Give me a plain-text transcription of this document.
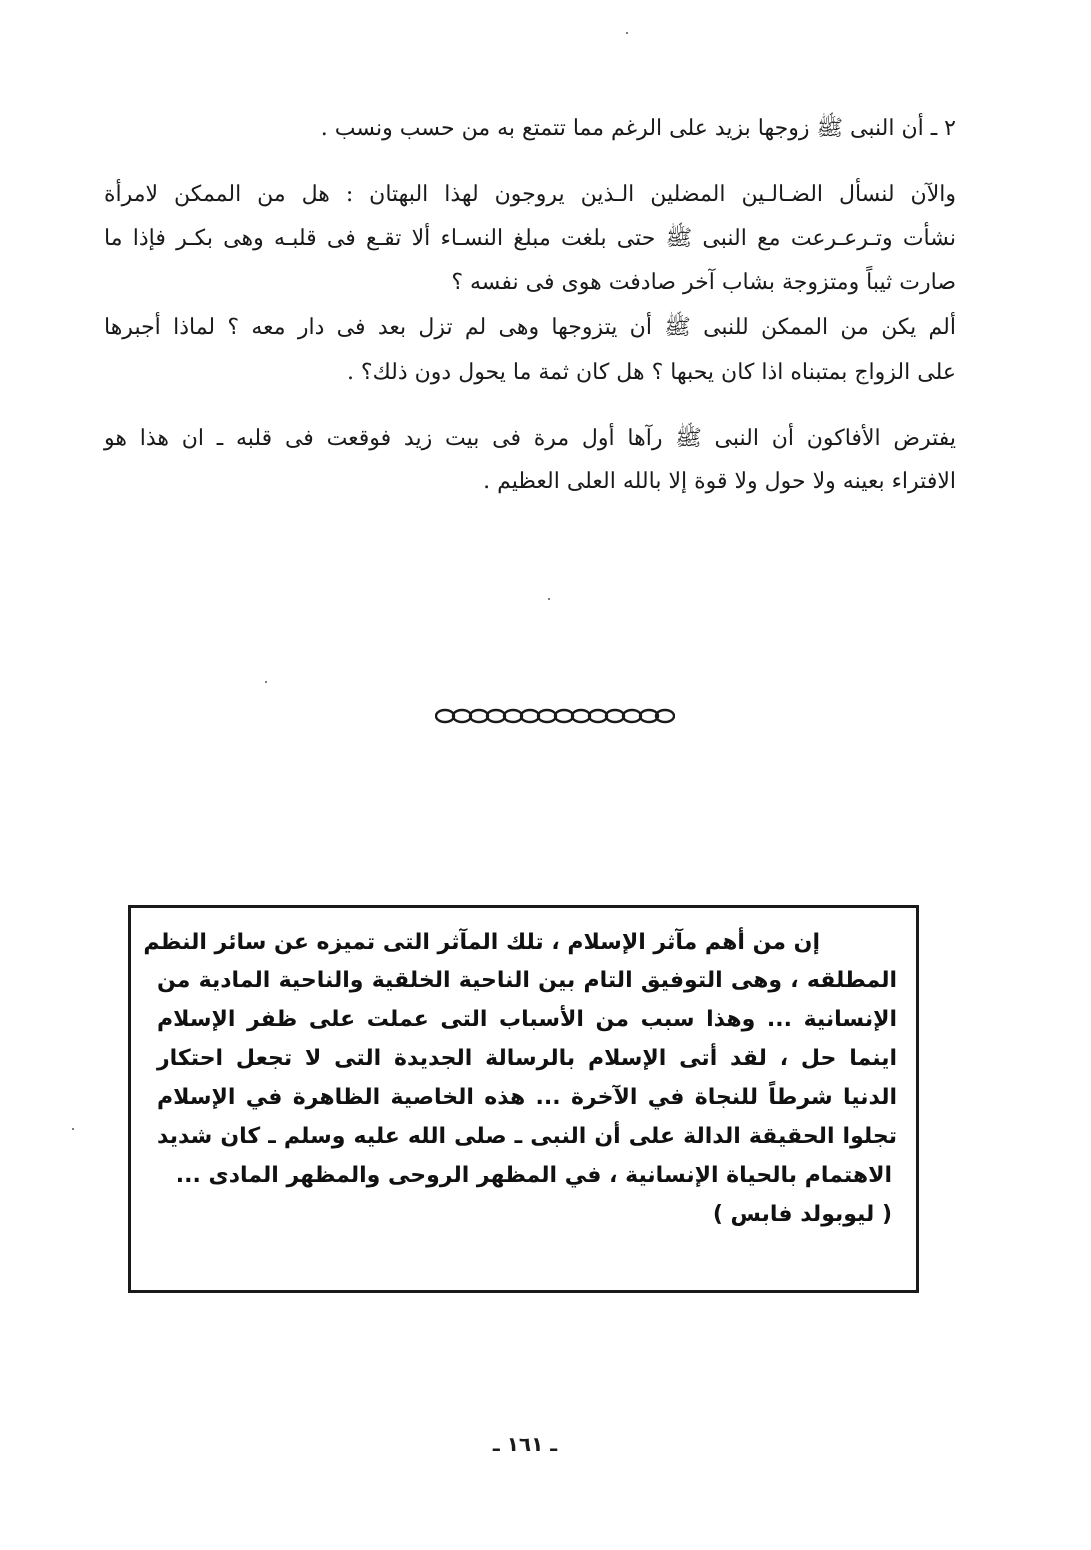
٢ ـ أن النبى ﷺ زوجها بزيد على الرغم مما تتمتع به من حسب ونسب .
والآن لنسأل الضـالـين المضلين الـذين يروجون لهذا البهتان : هل من الممكن لامرأة
نشأت وتـرعـرعت مع النبى ﷺ حتى بلغت مبلغ النسـاء ألا تقـع فى قلبـه وهى بكـر فإذا ما
صارت ثيباً ومتزوجة بشاب آخر صادفت هوى فى نفسه ؟
ألم يكن من الممكن للنبى ﷺ أن يتزوجها وهى لم تزل بعد فى دار معه ؟ لماذا أجبرها
على الزواج بمتبناه اذا كان يحبها ؟ هل كان ثمة ما يحول دون ذلك؟ .
يفترض الأفاكون أن النبى ﷺ رآها أول مرة فى بيت زيد فوقعت فى قلبه ـ ان هذا هو
الافتراء بعينه ولا حول ولا قوة إلا بالله العلى العظيم .
إن من أهم مآثر الإسلام ، تلك المآثر التى تميزه عن سائر النظم
المطلقه ، وهى التوفيق التام بين الناحية الخلقية والناحية المادية من
الإنسانية ... وهذا سبب من الأسباب التى عملت على ظفر الإسلام
اينما حل ، لقد أتى الإسلام بالرسالة الجديدة التى لا تجعل احتكار
الدنيا شرطاً للنجاة في الآخرة ... هذه الخاصية الظاهرة في الإسلام
تجلوا الحقيقة الدالة على أن النبى ـ صلى الله عليه وسلم ـ كان شديد
الاهتمام بالحياة الإنسانية ، في المظهر الروحى والمظهر المادى ...
( ليوبولد فابس )
ـ ١٦١ ـ
